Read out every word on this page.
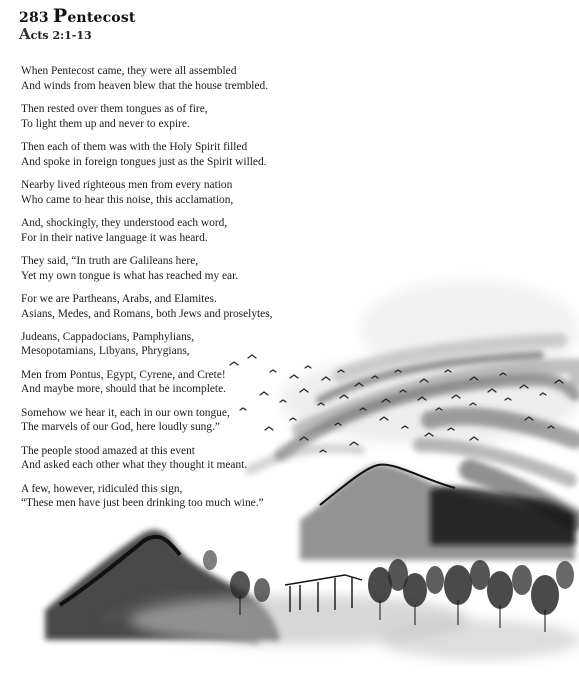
283 Pentecost
Acts 2:1-13
When Pentecost came, they were all assembled
And winds from heaven blew that the house trembled.
Then rested over them tongues as of fire,
To light them up and never to expire.
Then each of them was with the Holy Spirit filled
And spoke in foreign tongues just as the Spirit willed.
Nearby lived righteous men from every nation
Who came to hear this noise, this acclamation,
And, shockingly, they understood each word,
For in their native language it was heard.
They said, “In truth are Galileans here,
Yet my own tongue is what has reached my ear.
For we are Partheans, Arabs, and Elamites.
Asians, Medes, and Romans, both Jews and proselytes,
Judeans, Cappadocians, Pamphylians,
Mesopotamians, Libyans, Phrygians,
Men from Pontus, Egypt, Cyrene, and Crete!
And maybe more, should that be incomplete.
Somehow we hear it, each in our own tongue,
The marvels of our God, here loudly sung.”
The people stood amazed at this event
And asked each other what they thought it meant.
A few, however, ridiculed this sign,
“These men have just been drinking too much wine.”
